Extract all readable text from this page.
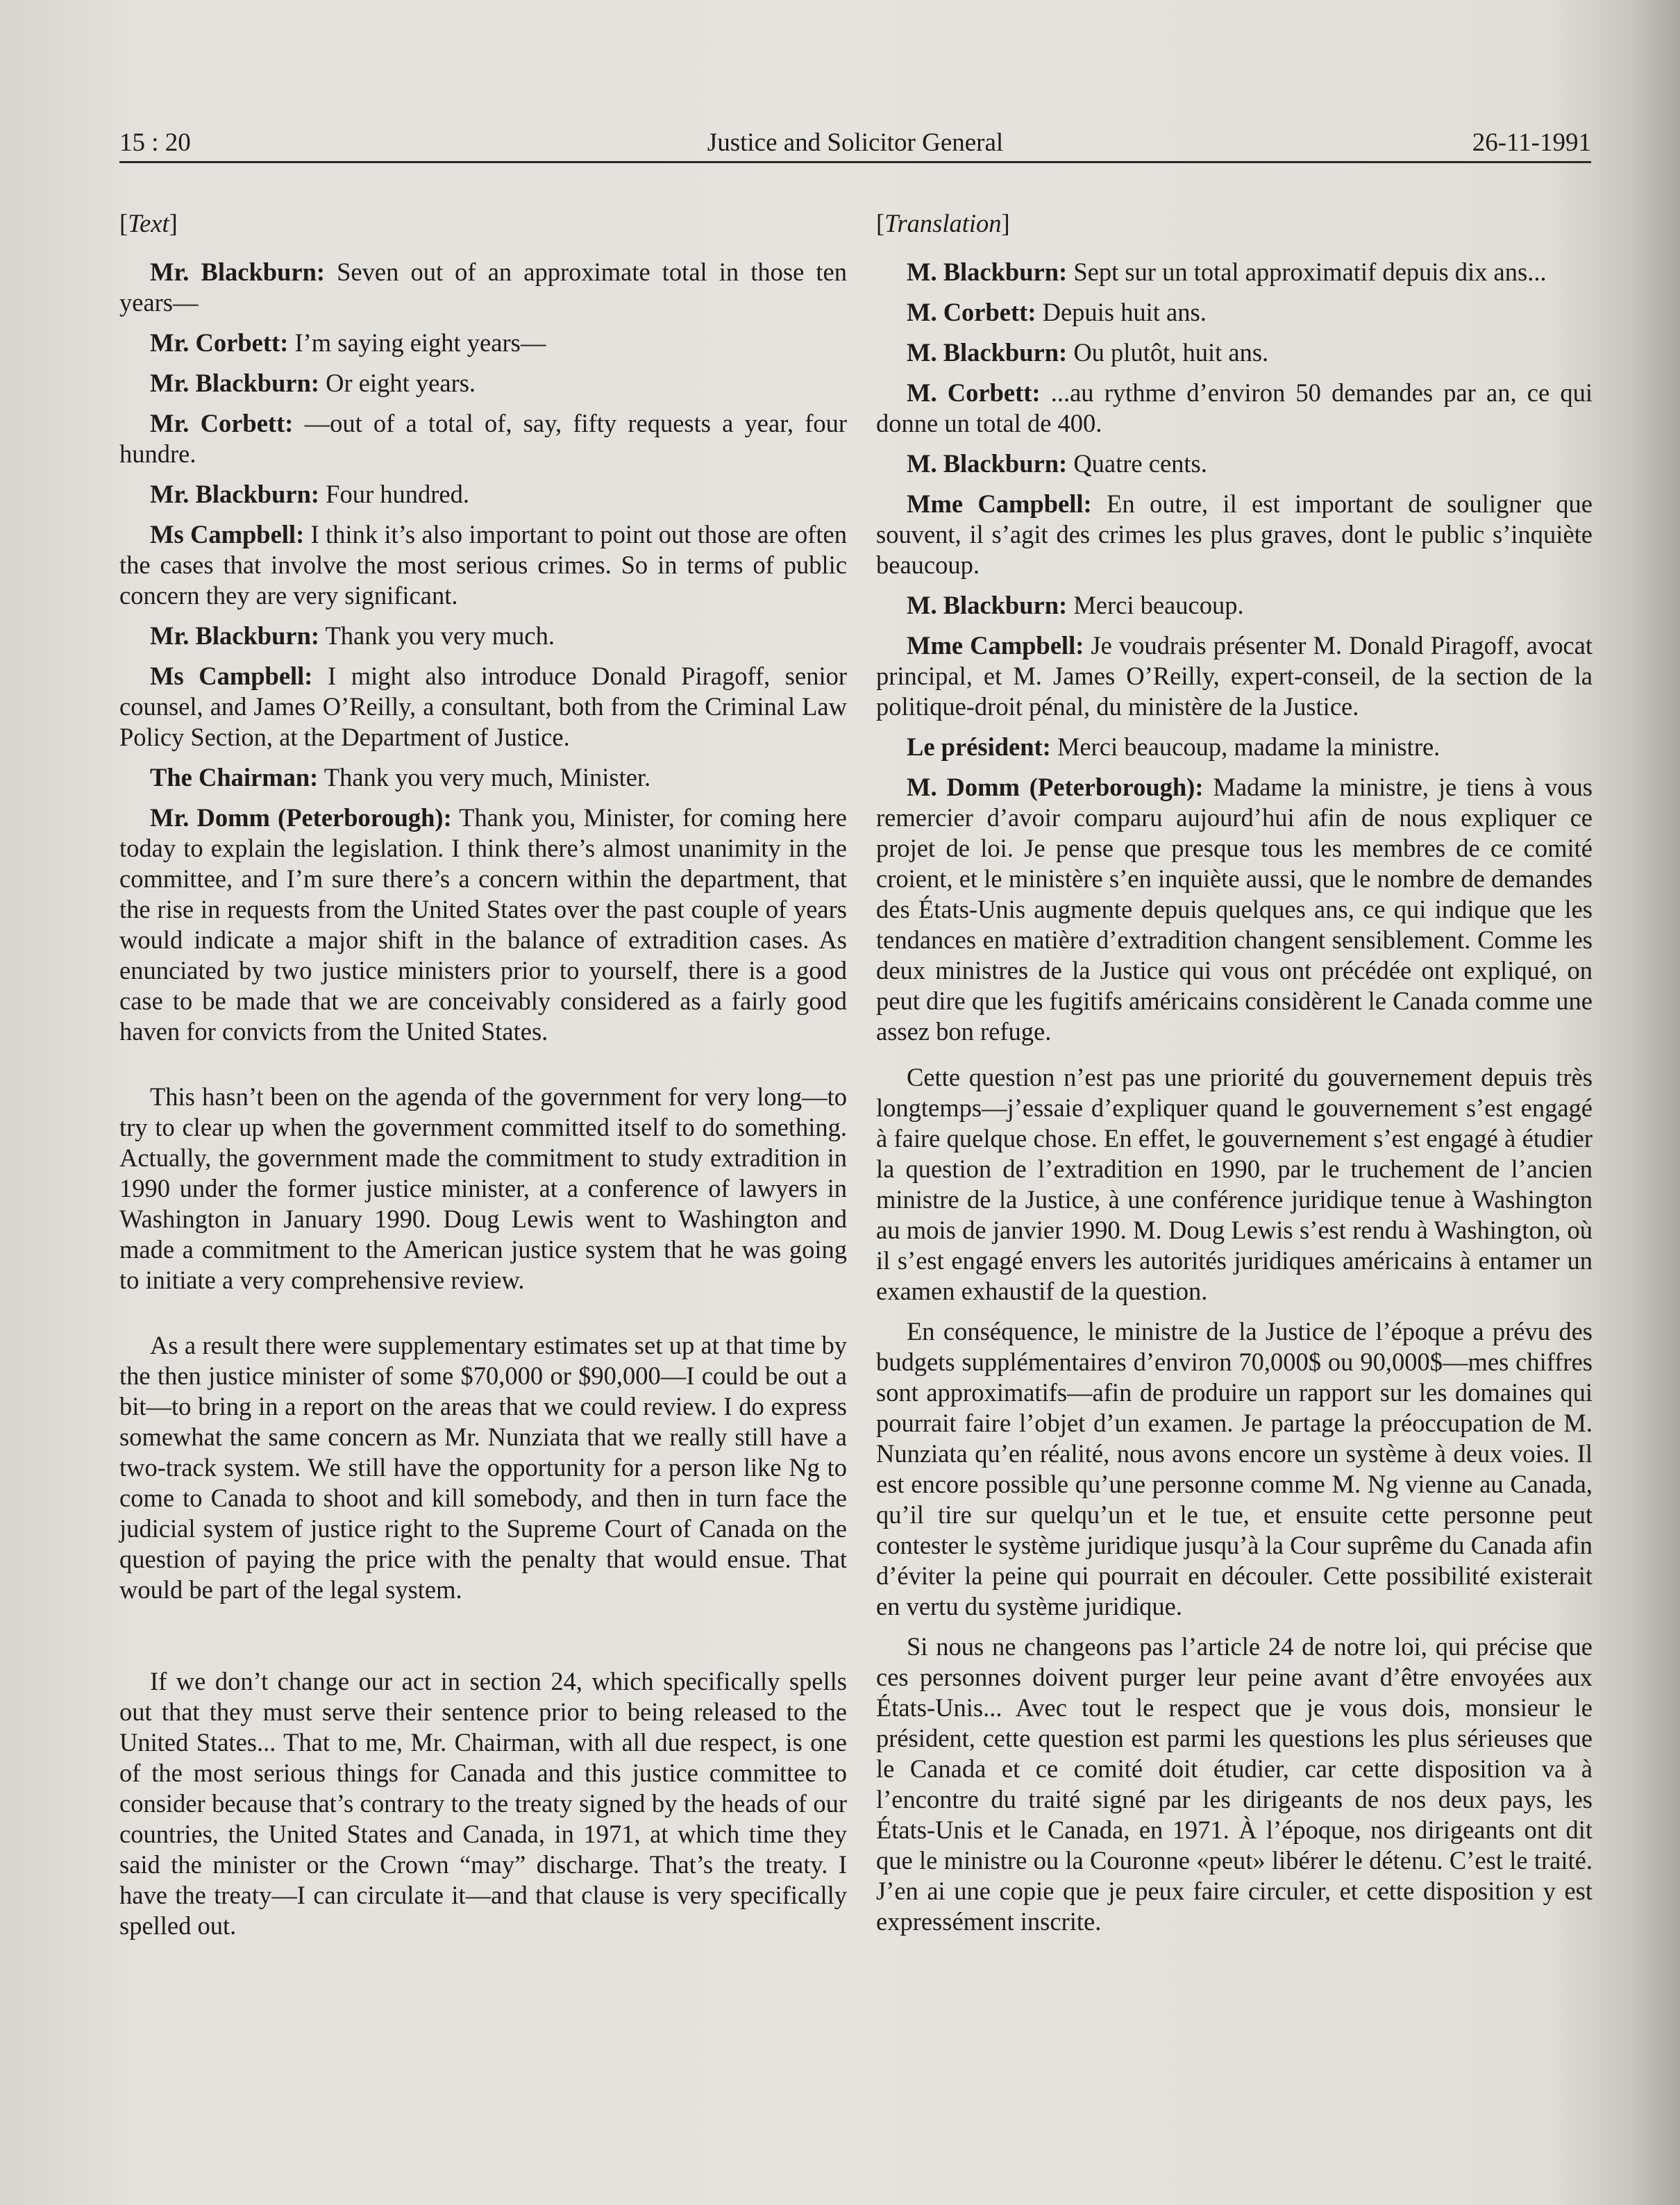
15 : 20	Justice and Solicitor General	26-11-1991
[Text]
Mr. Blackburn: Seven out of an approximate total in those ten years—
Mr. Corbett: I’m saying eight years—
Mr. Blackburn: Or eight years.
Mr. Corbett: —out of a total of, say, fifty requests a year, four hundre.
Mr. Blackburn: Four hundred.
Ms Campbell: I think it’s also important to point out those are often the cases that involve the most serious crimes. So in terms of public concern they are very significant.
Mr. Blackburn: Thank you very much.
Ms Campbell: I might also introduce Donald Piragoff, senior counsel, and James O’Reilly, a consultant, both from the Criminal Law Policy Section, at the Department of Justice.
The Chairman: Thank you very much, Minister.
Mr. Domm (Peterborough): Thank you, Minister, for coming here today to explain the legislation. I think there’s almost unanimity in the committee, and I’m sure there’s a concern within the department, that the rise in requests from the United States over the past couple of years would indicate a major shift in the balance of extradition cases. As enunciated by two justice ministers prior to yourself, there is a good case to be made that we are conceivably considered as a fairly good haven for convicts from the United States.
This hasn’t been on the agenda of the government for very long—to try to clear up when the government committed itself to do something. Actually, the government made the commitment to study extradition in 1990 under the former justice minister, at a conference of lawyers in Washington in January 1990. Doug Lewis went to Washington and made a commitment to the American justice system that he was going to initiate a very comprehensive review.
As a result there were supplementary estimates set up at that time by the then justice minister of some $70,000 or $90,000—I could be out a bit—to bring in a report on the areas that we could review. I do express somewhat the same concern as Mr. Nunziata that we really still have a two-track system. We still have the opportunity for a person like Ng to come to Canada to shoot and kill somebody, and then in turn face the judicial system of justice right to the Supreme Court of Canada on the question of paying the price with the penalty that would ensue. That would be part of the legal system.
If we don’t change our act in section 24, which specifically spells out that they must serve their sentence prior to being released to the United States... That to me, Mr. Chairman, with all due respect, is one of the most serious things for Canada and this justice committee to consider because that’s contrary to the treaty signed by the heads of our countries, the United States and Canada, in 1971, at which time they said the minister or the Crown “may” discharge. That’s the treaty. I have the treaty—I can circulate it—and that clause is very specifically spelled out.
[Translation]
M. Blackburn: Sept sur un total approximatif depuis dix ans...
M. Corbett: Depuis huit ans.
M. Blackburn: Ou plutôt, huit ans.
M. Corbett: ...au rythme d’environ 50 demandes par an, ce qui donne un total de 400.
M. Blackburn: Quatre cents.
Mme Campbell: En outre, il est important de souligner que souvent, il s’agit des crimes les plus graves, dont le public s’inquiète beaucoup.
M. Blackburn: Merci beaucoup.
Mme Campbell: Je voudrais présenter M. Donald Piragoff, avocat principal, et M. James O’Reilly, expert-conseil, de la section de la politique-droit pénal, du ministère de la Justice.
Le président: Merci beaucoup, madame la ministre.
M. Domm (Peterborough): Madame la ministre, je tiens à vous remercier d’avoir comparu aujourd’hui afin de nous expliquer ce projet de loi. Je pense que presque tous les membres de ce comité croient, et le ministère s’en inquiète aussi, que le nombre de demandes des États-Unis augmente depuis quelques ans, ce qui indique que les tendances en matière d’extradition changent sensiblement. Comme les deux ministres de la Justice qui vous ont précédée ont expliqué, on peut dire que les fugitifs américains considèrent le Canada comme une assez bon refuge.
Cette question n’est pas une priorité du gouvernement depuis très longtemps—j’essaie d’expliquer quand le gouvernement s’est engagé à faire quelque chose. En effet, le gouvernement s’est engagé à étudier la question de l’extradition en 1990, par le truchement de l’ancien ministre de la Justice, à une conférence juridique tenue à Washington au mois de janvier 1990. M. Doug Lewis s’est rendu à Washington, où il s’est engagé envers les autorités juridiques américains à entamer un examen exhaustif de la question.
En conséquence, le ministre de la Justice de l’époque a prévu des budgets supplémentaires d’environ 70,000$ ou 90,000$—mes chiffres sont approximatifs—afin de produire un rapport sur les domaines qui pourrait faire l’objet d’un examen. Je partage la préoccupation de M. Nunziata qu’en réalité, nous avons encore un système à deux voies. Il est encore possible qu’une personne comme M. Ng vienne au Canada, qu’il tire sur quelqu’un et le tue, et ensuite cette personne peut contester le système juridique jusqu’à la Cour suprême du Canada afin d’éviter la peine qui pourrait en découler. Cette possibilité existerait en vertu du système juridique.
Si nous ne changeons pas l’article 24 de notre loi, qui précise que ces personnes doivent purger leur peine avant d’être envoyées aux États-Unis... Avec tout le respect que je vous dois, monsieur le président, cette question est parmi les questions les plus sérieuses que le Canada et ce comité doit étudier, car cette disposition va à l’encontre du traité signé par les dirigeants de nos deux pays, les États-Unis et le Canada, en 1971. À l’époque, nos dirigeants ont dit que le ministre ou la Couronne «peut» libérer le détenu. C’est le traité. J’en ai une copie que je peux faire circuler, et cette disposition y est expressément inscrite.
